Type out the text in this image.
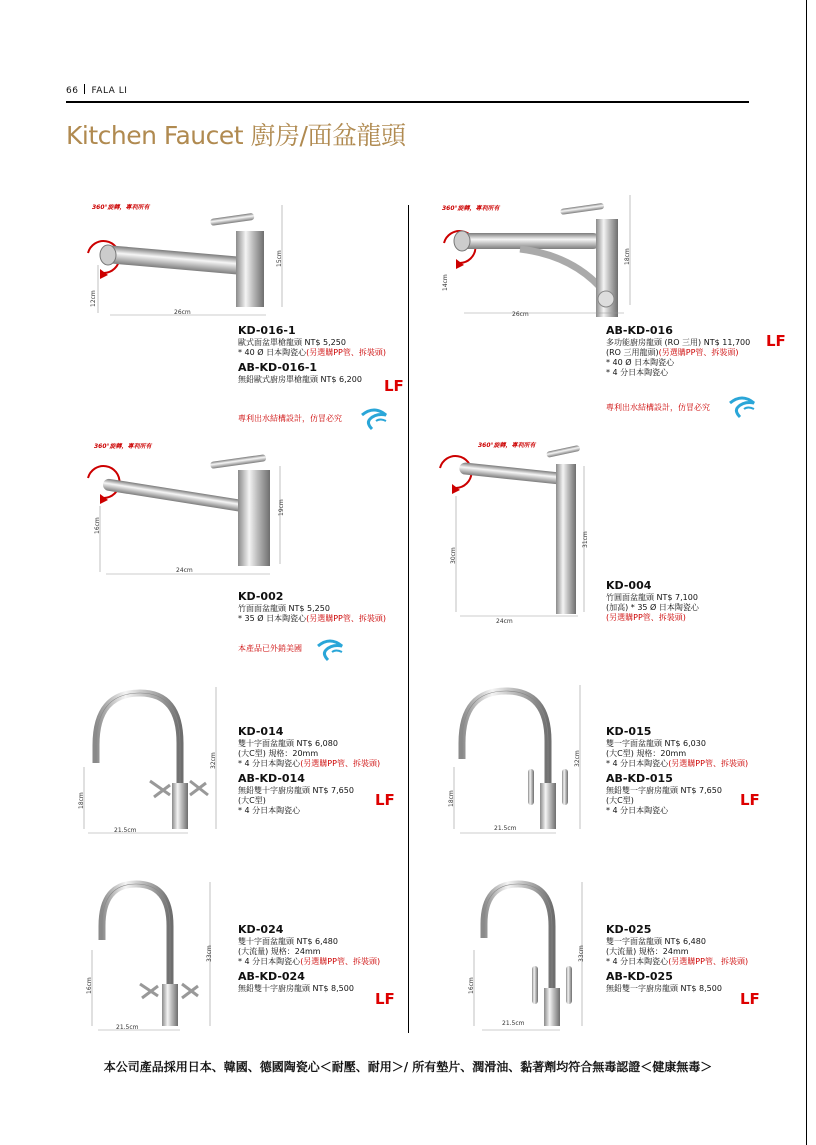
66 FALA LI
Kitchen Faucet 廚房/面盆龍頭
360°旋轉，專利所有
26cm
15cm
12cm
KD-016-1
歐式面盆單槍龍頭 NT$ 5,250
* 40 Ø 日本陶瓷心(另選購PP管、拆裝頭)
AB-KD-016-1
無鉛歐式廚房單槍龍頭 NT$ 6,200	LF
專利出水結構設計，仿冒必究
360°旋轉，專利所有
26cm
18cm
14cm
AB-KD-016
多功能廚房龍頭 (RO 三用) NT$ 11,700
(RO 三用龍頭)(另選購PP管、拆裝頭)
* 40 Ø 日本陶瓷心
* 4 分日本陶瓷心
LF
專利出水結構設計，仿冒必究
360°旋轉，專利所有
24cm
19cm
16cm
KD-002
竹面面盆龍頭 NT$ 5,250
* 35 Ø 日本陶瓷心(另選購PP管、拆裝頭)
本產品已外銷美國
360°旋轉，專利所有
24cm
31cm
30cm
KD-004
竹圓面盆龍頭 NT$ 7,100
(加高) * 35 Ø 日本陶瓷心
(另選購PP管、拆裝頭)
21.5cm
32cm
18cm
KD-014
雙十字面盆龍頭 NT$ 6,080
(大C型) 規格：20mm
* 4 分日本陶瓷心(另選購PP管、拆裝頭)
AB-KD-014
無鉛雙十字廚房龍頭 NT$ 7,650
(大C型)
* 4 分日本陶瓷心
LF
21.5cm
32cm
18cm
KD-015
雙一字面盆龍頭 NT$ 6,030
(大C型) 規格：20mm
* 4 分日本陶瓷心(另選購PP管、拆裝頭)
AB-KD-015
無鉛雙一字廚房龍頭 NT$ 7,650
(大C型)
* 4 分日本陶瓷心
LF
21.5cm
33cm
16cm
KD-024
雙十字面盆龍頭 NT$ 6,480
(大流量) 規格：24mm
* 4 分日本陶瓷心(另選購PP管、拆裝頭)
AB-KD-024
無鉛雙十字廚房龍頭 NT$ 8,500
LF
21.5cm
33cm
16cm
KD-025
雙一字面盆龍頭 NT$ 6,480
(大流量) 規格：24mm
* 4 分日本陶瓷心(另選購PP管、拆裝頭)
AB-KD-025
無鉛雙一字廚房龍頭 NT$ 8,500
LF
本公司產品採用日本、韓國、德國陶瓷心＜耐壓、耐用＞/ 所有墊片、潤滑油、黏著劑均符合無毒認證＜健康無毒＞
